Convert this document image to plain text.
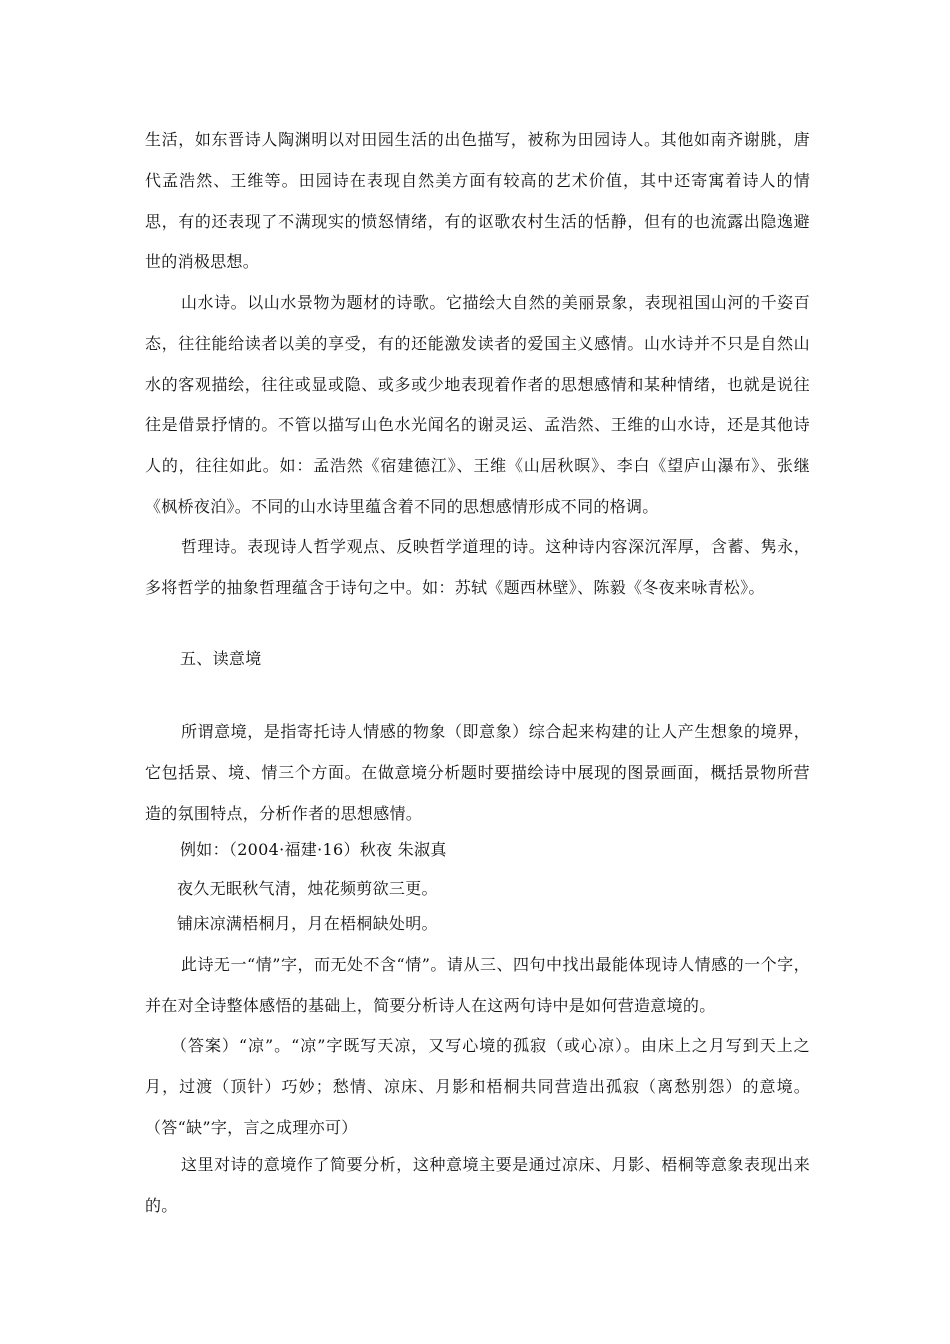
生活，如东晋诗人陶渊明以对田园生活的出色描写，被称为田园诗人。其他如南齐谢朓，唐代孟浩然、王维等。田园诗在表现自然美方面有较高的艺术价值，其中还寄寓着诗人的情思，有的还表现了不满现实的愤怒情绪，有的讴歌农村生活的恬静，但有的也流露出隐逸避世的消极思想。

山水诗。以山水景物为题材的诗歌。它描绘大自然的美丽景象，表现祖国山河的千姿百态，往往能给读者以美的享受，有的还能激发读者的爱国主义感情。山水诗并不只是自然山水的客观描绘，往往或显或隐、或多或少地表现着作者的思想感情和某种情绪，也就是说往往是借景抒情的。不管以描写山色水光闻名的谢灵运、孟浩然、王维的山水诗，还是其他诗人的，往往如此。如：孟浩然《宿建德江》、王维《山居秋暝》、李白《望庐山瀑布》、张继《枫桥夜泊》。不同的山水诗里蕴含着不同的思想感情形成不同的格调。

哲理诗。表现诗人哲学观点、反映哲学道理的诗。这种诗内容深沉浑厚，含蓄、隽永，多将哲学的抽象哲理蕴含于诗句之中。如：苏轼《题西林壁》、陈毅《冬夜来咏青松》。

五、读意境

所谓意境，是指寄托诗人情感的物象（即意象）综合起来构建的让人产生想象的境界，它包括景、境、情三个方面。在做意境分析题时要描绘诗中展现的图景画面，概括景物所营造的氛围特点，分析作者的思想感情。

例如：（2004·福建·16）秋夜 朱淑真

夜久无眠秋气清，烛花频剪欲三更。

铺床凉满梧桐月，月在梧桐缺处明。

此诗无一“情”字，而无处不含“情”。请从三、四句中找出最能体现诗人情感的一个字，并在对全诗整体感悟的基础上，简要分析诗人在这两句诗中是如何营造意境的。

（答案）“凉”。“凉”字既写天凉，又写心境的孤寂（或心凉）。由床上之月写到天上之月，过渡（顶针）巧妙；愁情、凉床、月影和梧桐共同营造出孤寂（离愁别怨）的意境。（答“缺”字，言之成理亦可）

这里对诗的意境作了简要分析，这种意境主要是通过凉床、月影、梧桐等意象表现出来的。
